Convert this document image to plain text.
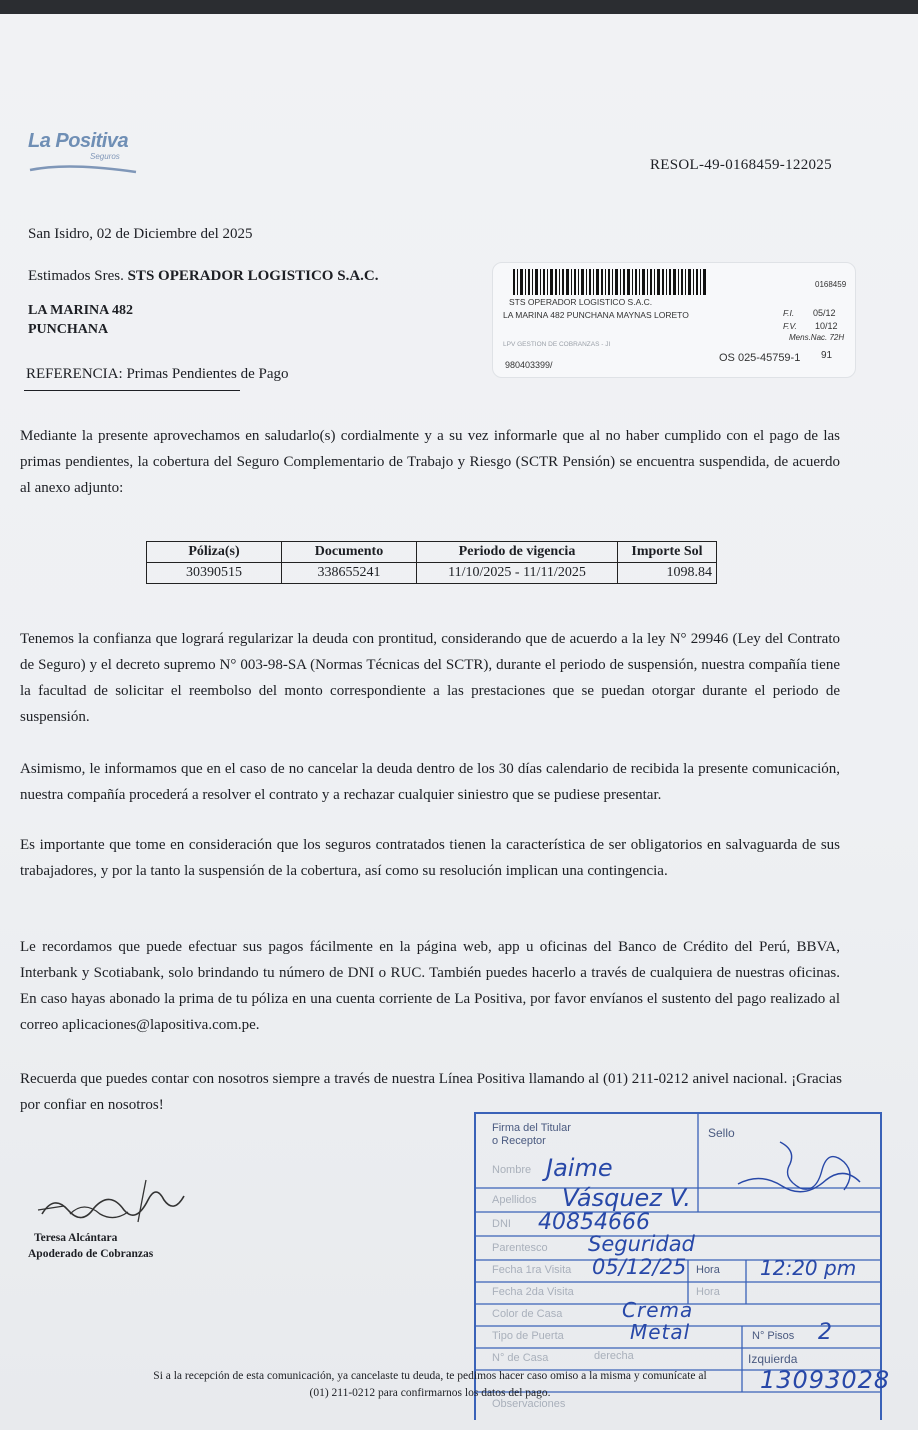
La Positiva
Seguros
RESOL-49-0168459-122025
San Isidro, 02 de Diciembre del 2025
Estimados Sres. STS OPERADOR LOGISTICO S.A.C.
LA MARINA 482
PUNCHANA
REFERENCIA: Primas Pendientes de Pago
0168459
STS OPERADOR LOGISTICO S.A.C.
LA MARINA 482 PUNCHANA MAYNAS LORETO	F.I. 05/12
F.V. 10/12
Mens.Nac. 72H
LPV GESTION DE COBRANZAS - JI
980403399/
OS 025-45759-1 91
Mediante la presente aprovechamos en saludarlo(s) cordialmente y a su vez informarle que al no haber cumplido con el pago de las primas pendientes, la cobertura del Seguro Complementario de Trabajo y Riesgo (SCTR Pensión) se encuentra suspendida, de acuerdo al anexo adjunto:
Póliza(s)	Documento	Periodo de vigencia	Importe Sol
30390515	338655241	11/10/2025 - 11/11/2025	1098.84
Tenemos la confianza que logrará regularizar la deuda con prontitud, considerando que de acuerdo a la ley N° 29946 (Ley del Contrato de Seguro) y el decreto supremo N° 003-98-SA (Normas Técnicas del SCTR), durante el periodo de suspensión, nuestra compañía tiene la facultad de solicitar el reembolso del monto correspondiente a las prestaciones que se puedan otorgar durante el periodo de suspensión.
Asimismo, le informamos que en el caso de no cancelar la deuda dentro de los 30 días calendario de recibida la presente comunicación, nuestra compañía procederá a resolver el contrato y a rechazar cualquier siniestro que se pudiese presentar.
Es importante que tome en consideración que los seguros contratados tienen la característica de ser obligatorios en salvaguarda de sus trabajadores, y por la tanto la suspensión de la cobertura, así como su resolución implican una contingencia.
Le recordamos que puede efectuar sus pagos fácilmente en la página web, app u oficinas del Banco de Crédito del Perú, BBVA, Interbank y Scotiabank, solo brindando tu número de DNI o RUC. También puedes hacerlo a través de cualquiera de nuestras oficinas. En caso hayas abonado la prima de tu póliza en una cuenta corriente de La Positiva, por favor envíanos el sustento del pago realizado al correo aplicaciones@lapositiva.com.pe.
Recuerda que puedes contar con nosotros siempre a través de nuestra Línea Positiva llamando al (01) 211-0212 anivel nacional. ¡Gracias por confiar en nosotros!
Teresa Alcántara
Apoderado de Cobranzas
Firma del Titular
o Receptor
Sello
Nombre Jaime
Apellidos Vásquez V.
DNI 40854666
Parentesco Seguridad
Fecha 1ra Visita 05/12/25 Hora 12:20 pm
Fecha 2da Visita	Hora
Color de Casa	Crema
Tipo de Puerta	Metal	N° Pisos 2
N° de Casa	derecha	Izquierda
13093028
Observaciones
Si a la recepción de esta comunicación, ya cancelaste tu deuda, te pedimos hacer caso omiso a la misma y comunícate al
(01) 211-0212 para confirmarnos los datos del pago.
